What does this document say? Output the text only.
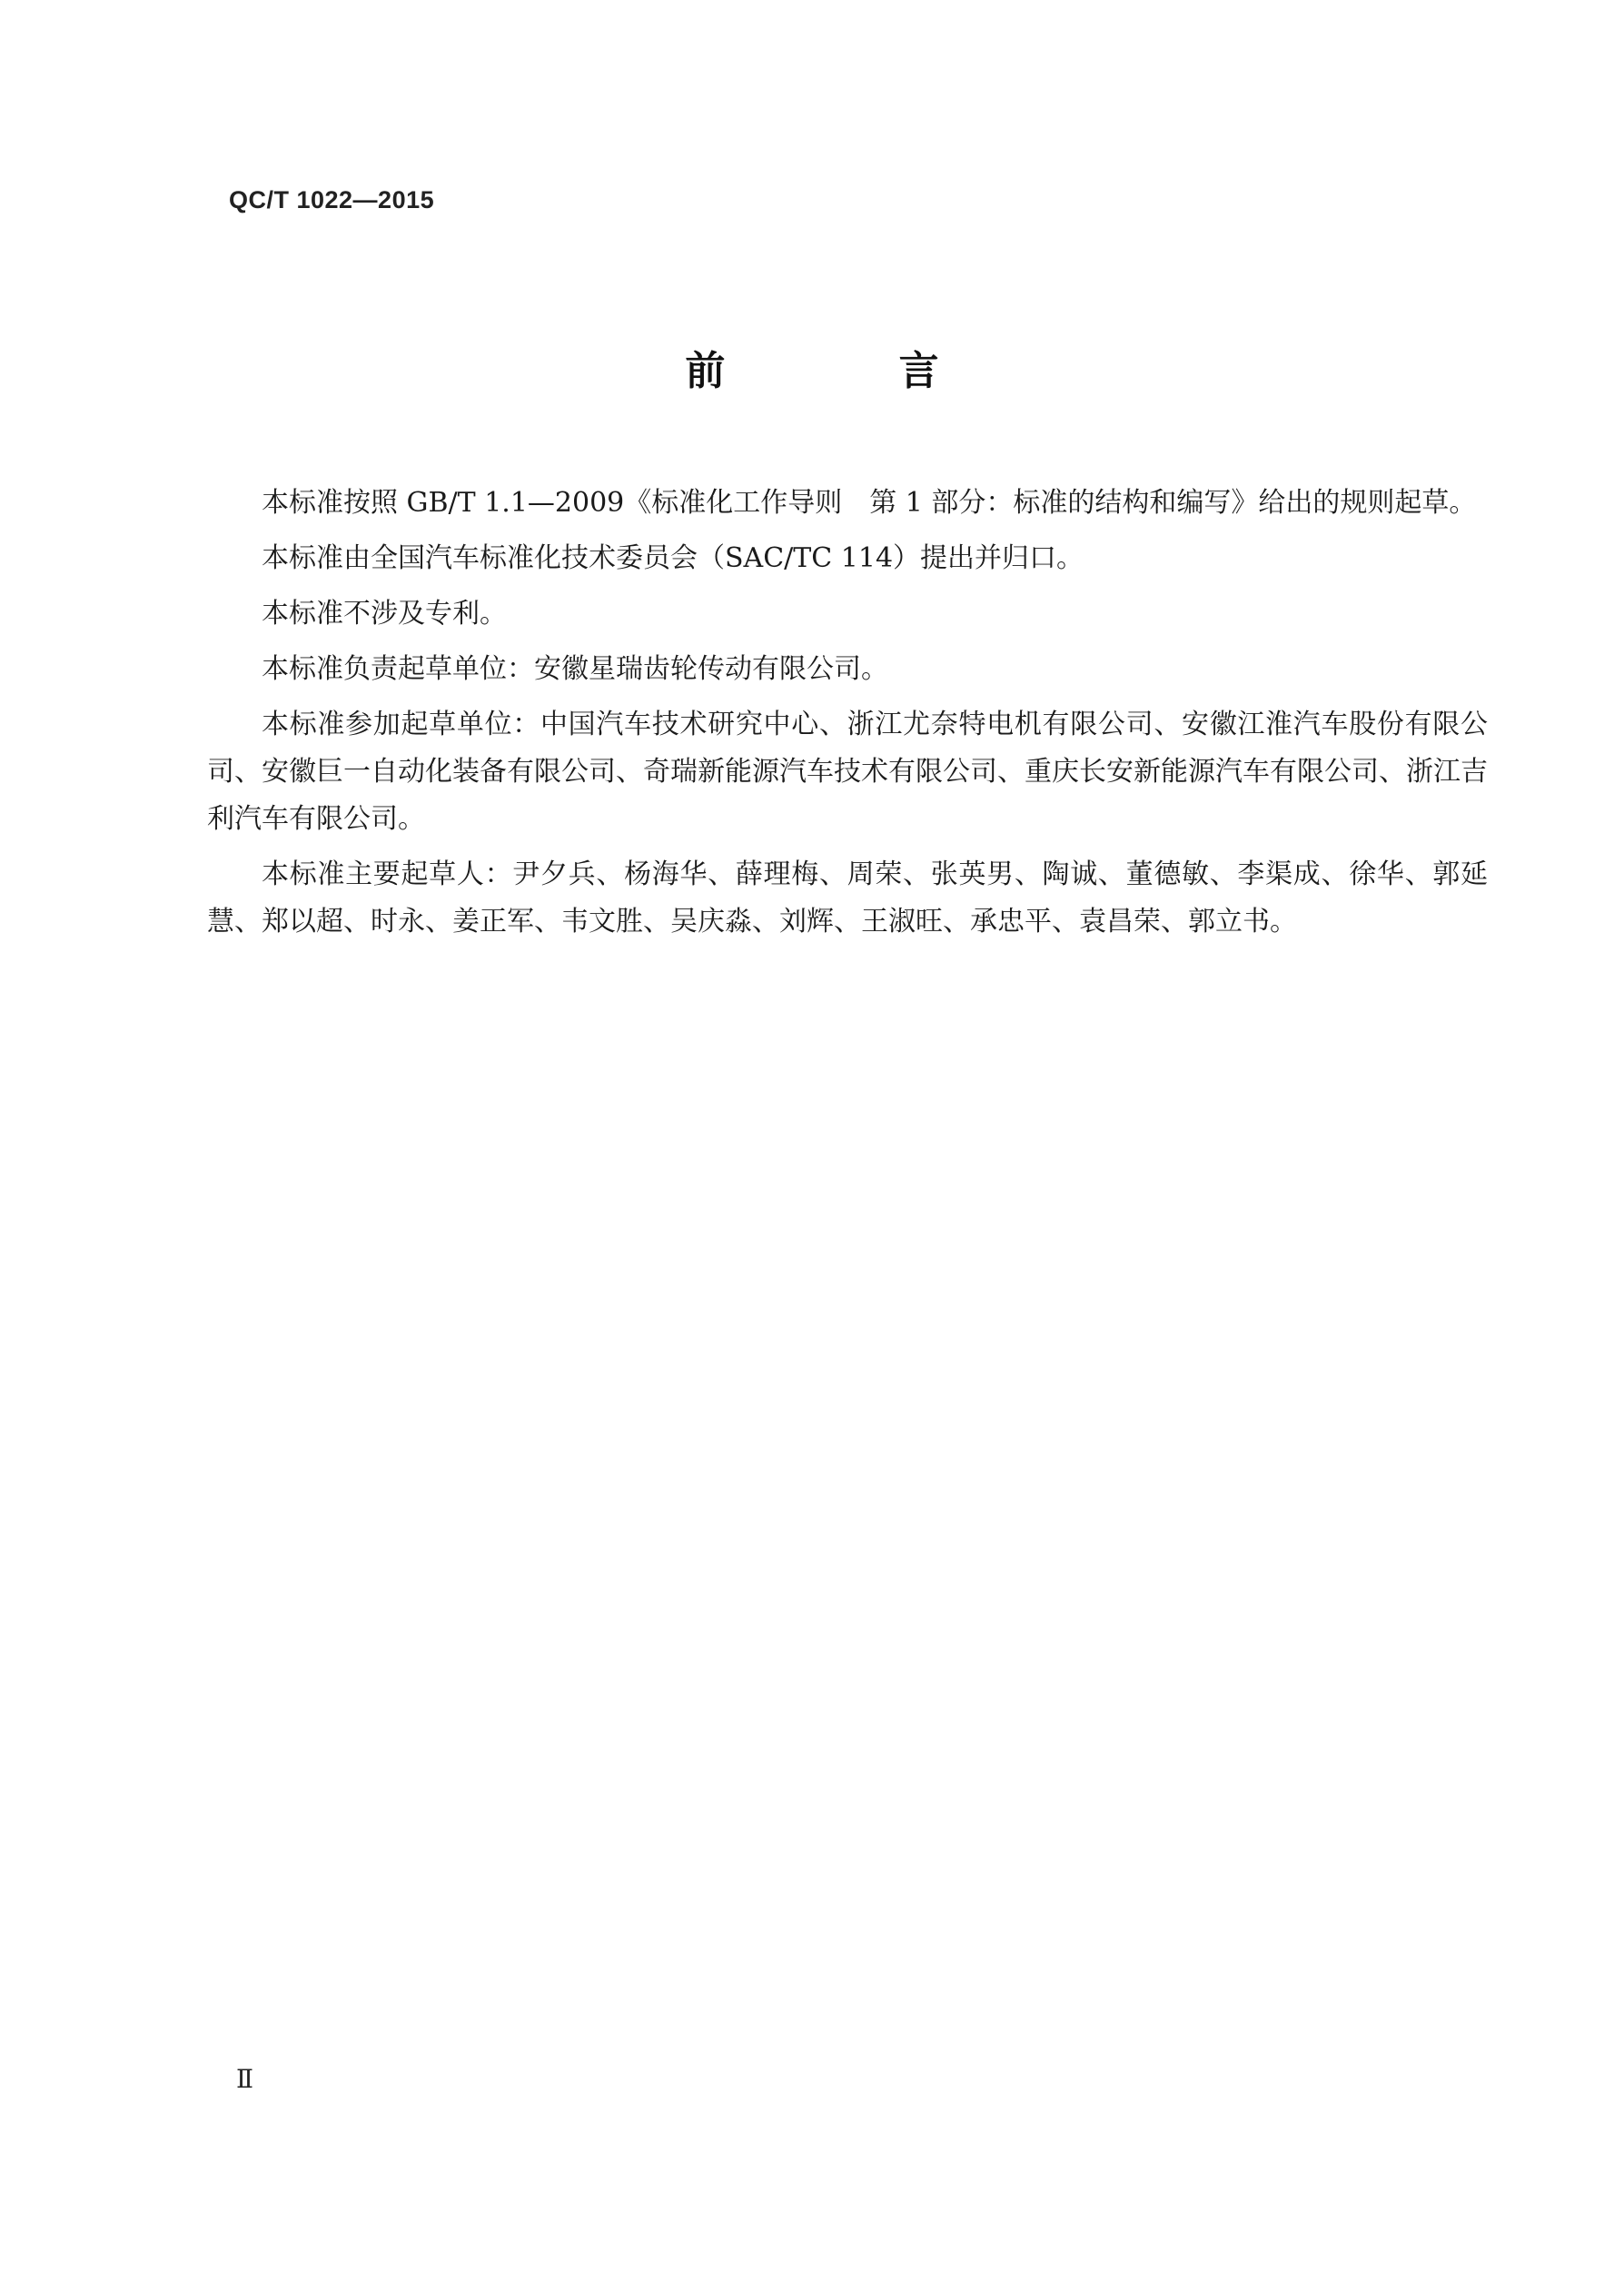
QC/T 1022—2015
前 言

本标准按照 GB/T 1.1—2009《标准化工作导则　第 1 部分：标准的结构和编写》给出的规则起草。

本标准由全国汽车标准化技术委员会（SAC/TC 114）提出并归口。

本标准不涉及专利。

本标准负责起草单位：安徽星瑞齿轮传动有限公司。

本标准参加起草单位：中国汽车技术研究中心、浙江尤奈特电机有限公司、安徽江淮汽车股份有限公司、安徽巨一自动化装备有限公司、奇瑞新能源汽车技术有限公司、重庆长安新能源汽车有限公司、浙江吉利汽车有限公司。

本标准主要起草人：尹夕兵、杨海华、薛理梅、周荣、张英男、陶诚、董德敏、李渠成、徐华、郭延慧、郑以超、时永、姜正军、韦文胜、吴庆淼、刘辉、王淑旺、承忠平、袁昌荣、郭立书。

Ⅱ
